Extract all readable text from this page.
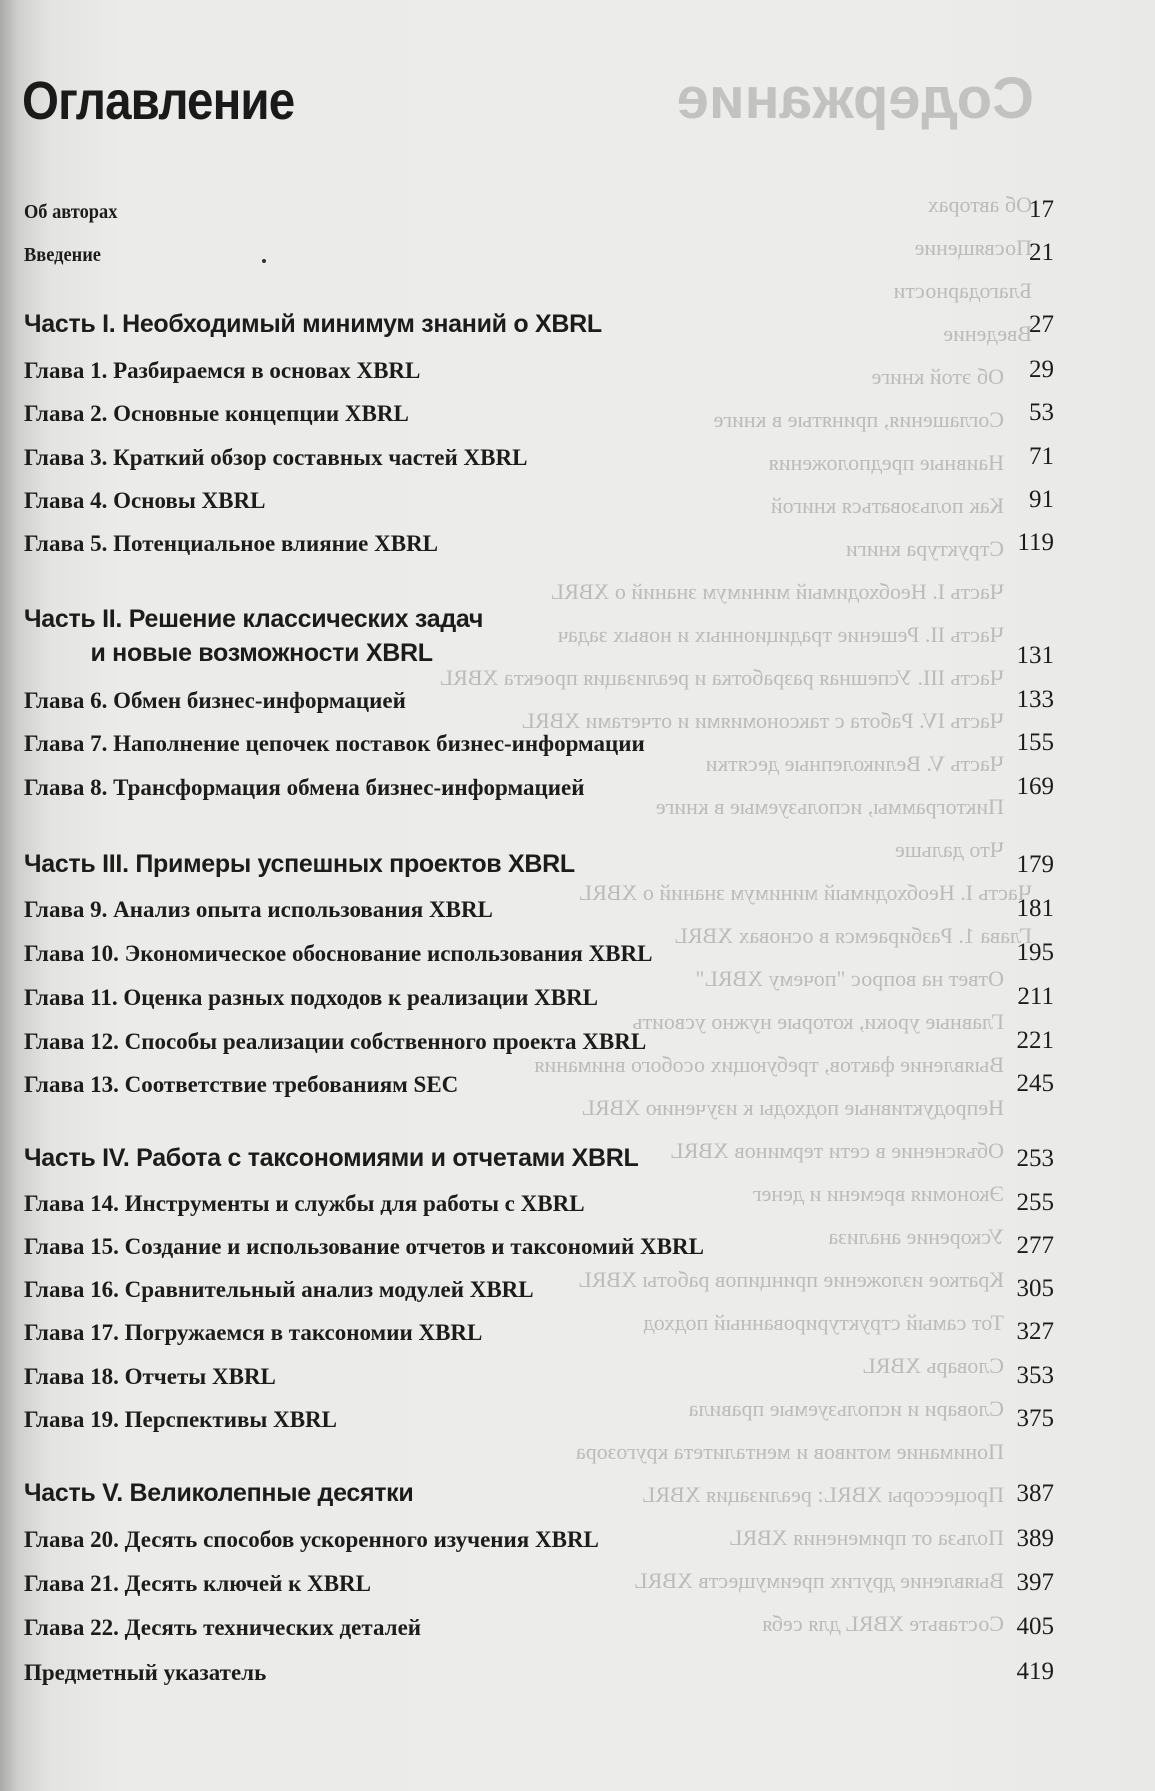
Содержание
Об авторах
Посвящение
Благодарности
Введение
Об этой книге
Соглашения, принятые в книге
Наивные предположения
Как пользоваться книгой
Структура книги
Часть I. Необходимый минимум знаний о XBRL
Часть II. Решение традиционных и новых задач
Часть III. Успешная разработка и реализация проекта XBRL
Часть IV. Работа с таксономиями и отчетами XBRL
Часть V. Великолепные десятки
Пиктограммы, используемые в книге
Что дальше
Часть I. Необходимый минимум знаний о XBRL
Глава 1. Разбираемся в основах XBRL
Ответ на вопрос "почему XBRL"
Главные уроки, которые нужно усвоить
Выявление фактов, требующих особого внимания
Непродуктивные подходы к изучению XBRL
Объяснение в сети терминов XBRL
Экономия времени и денег
Ускорение анализа
Краткое изложение принципов работы XBRL
Тот самый структурированный подход
Словарь XBRL
Словари и используемые правила
Понимание мотивов и менталитета кругозора
Процессоры XBRL: реализация XBRL
Польза от применения XBRL
Выявление других преимуществ XBRL
Составьте XBRL для себя
Оглавление
Об авторах	17
Введение	21
Часть I. Необходимый минимум знаний о XBRL	27
Глава 1. Разбираемся в основах XBRL	29
Глава 2. Основные концепции XBRL	53
Глава 3. Краткий обзор составных частей XBRL	71
Глава 4. Основы XBRL	91
Глава 5. Потенциальное влияние XBRL	119
Часть II. Решение классических задач
и новые возможности XBRL	131
Глава 6. Обмен бизнес-информацией	133
Глава 7. Наполнение цепочек поставок бизнес-информации	155
Глава 8. Трансформация обмена бизнес-информацией	169
Часть III. Примеры успешных проектов XBRL	179
Глава 9. Анализ опыта использования XBRL	181
Глава 10. Экономическое обоснование использования XBRL	195
Глава 11. Оценка разных подходов к реализации XBRL	211
Глава 12. Способы реализации собственного проекта XBRL	221
Глава 13. Соответствие требованиям SEC	245
Часть IV. Работа с таксономиями и отчетами XBRL	253
Глава 14. Инструменты и службы для работы с XBRL	255
Глава 15. Создание и использование отчетов и таксономий XBRL	277
Глава 16. Сравнительный анализ модулей XBRL	305
Глава 17. Погружаемся в таксономии XBRL	327
Глава 18. Отчеты XBRL	353
Глава 19. Перспективы XBRL	375
Часть V. Великолепные десятки	387
Глава 20. Десять способов ускоренного изучения XBRL	389
Глава 21. Десять ключей к XBRL	397
Глава 22. Десять технических деталей	405
Предметный указатель	419
